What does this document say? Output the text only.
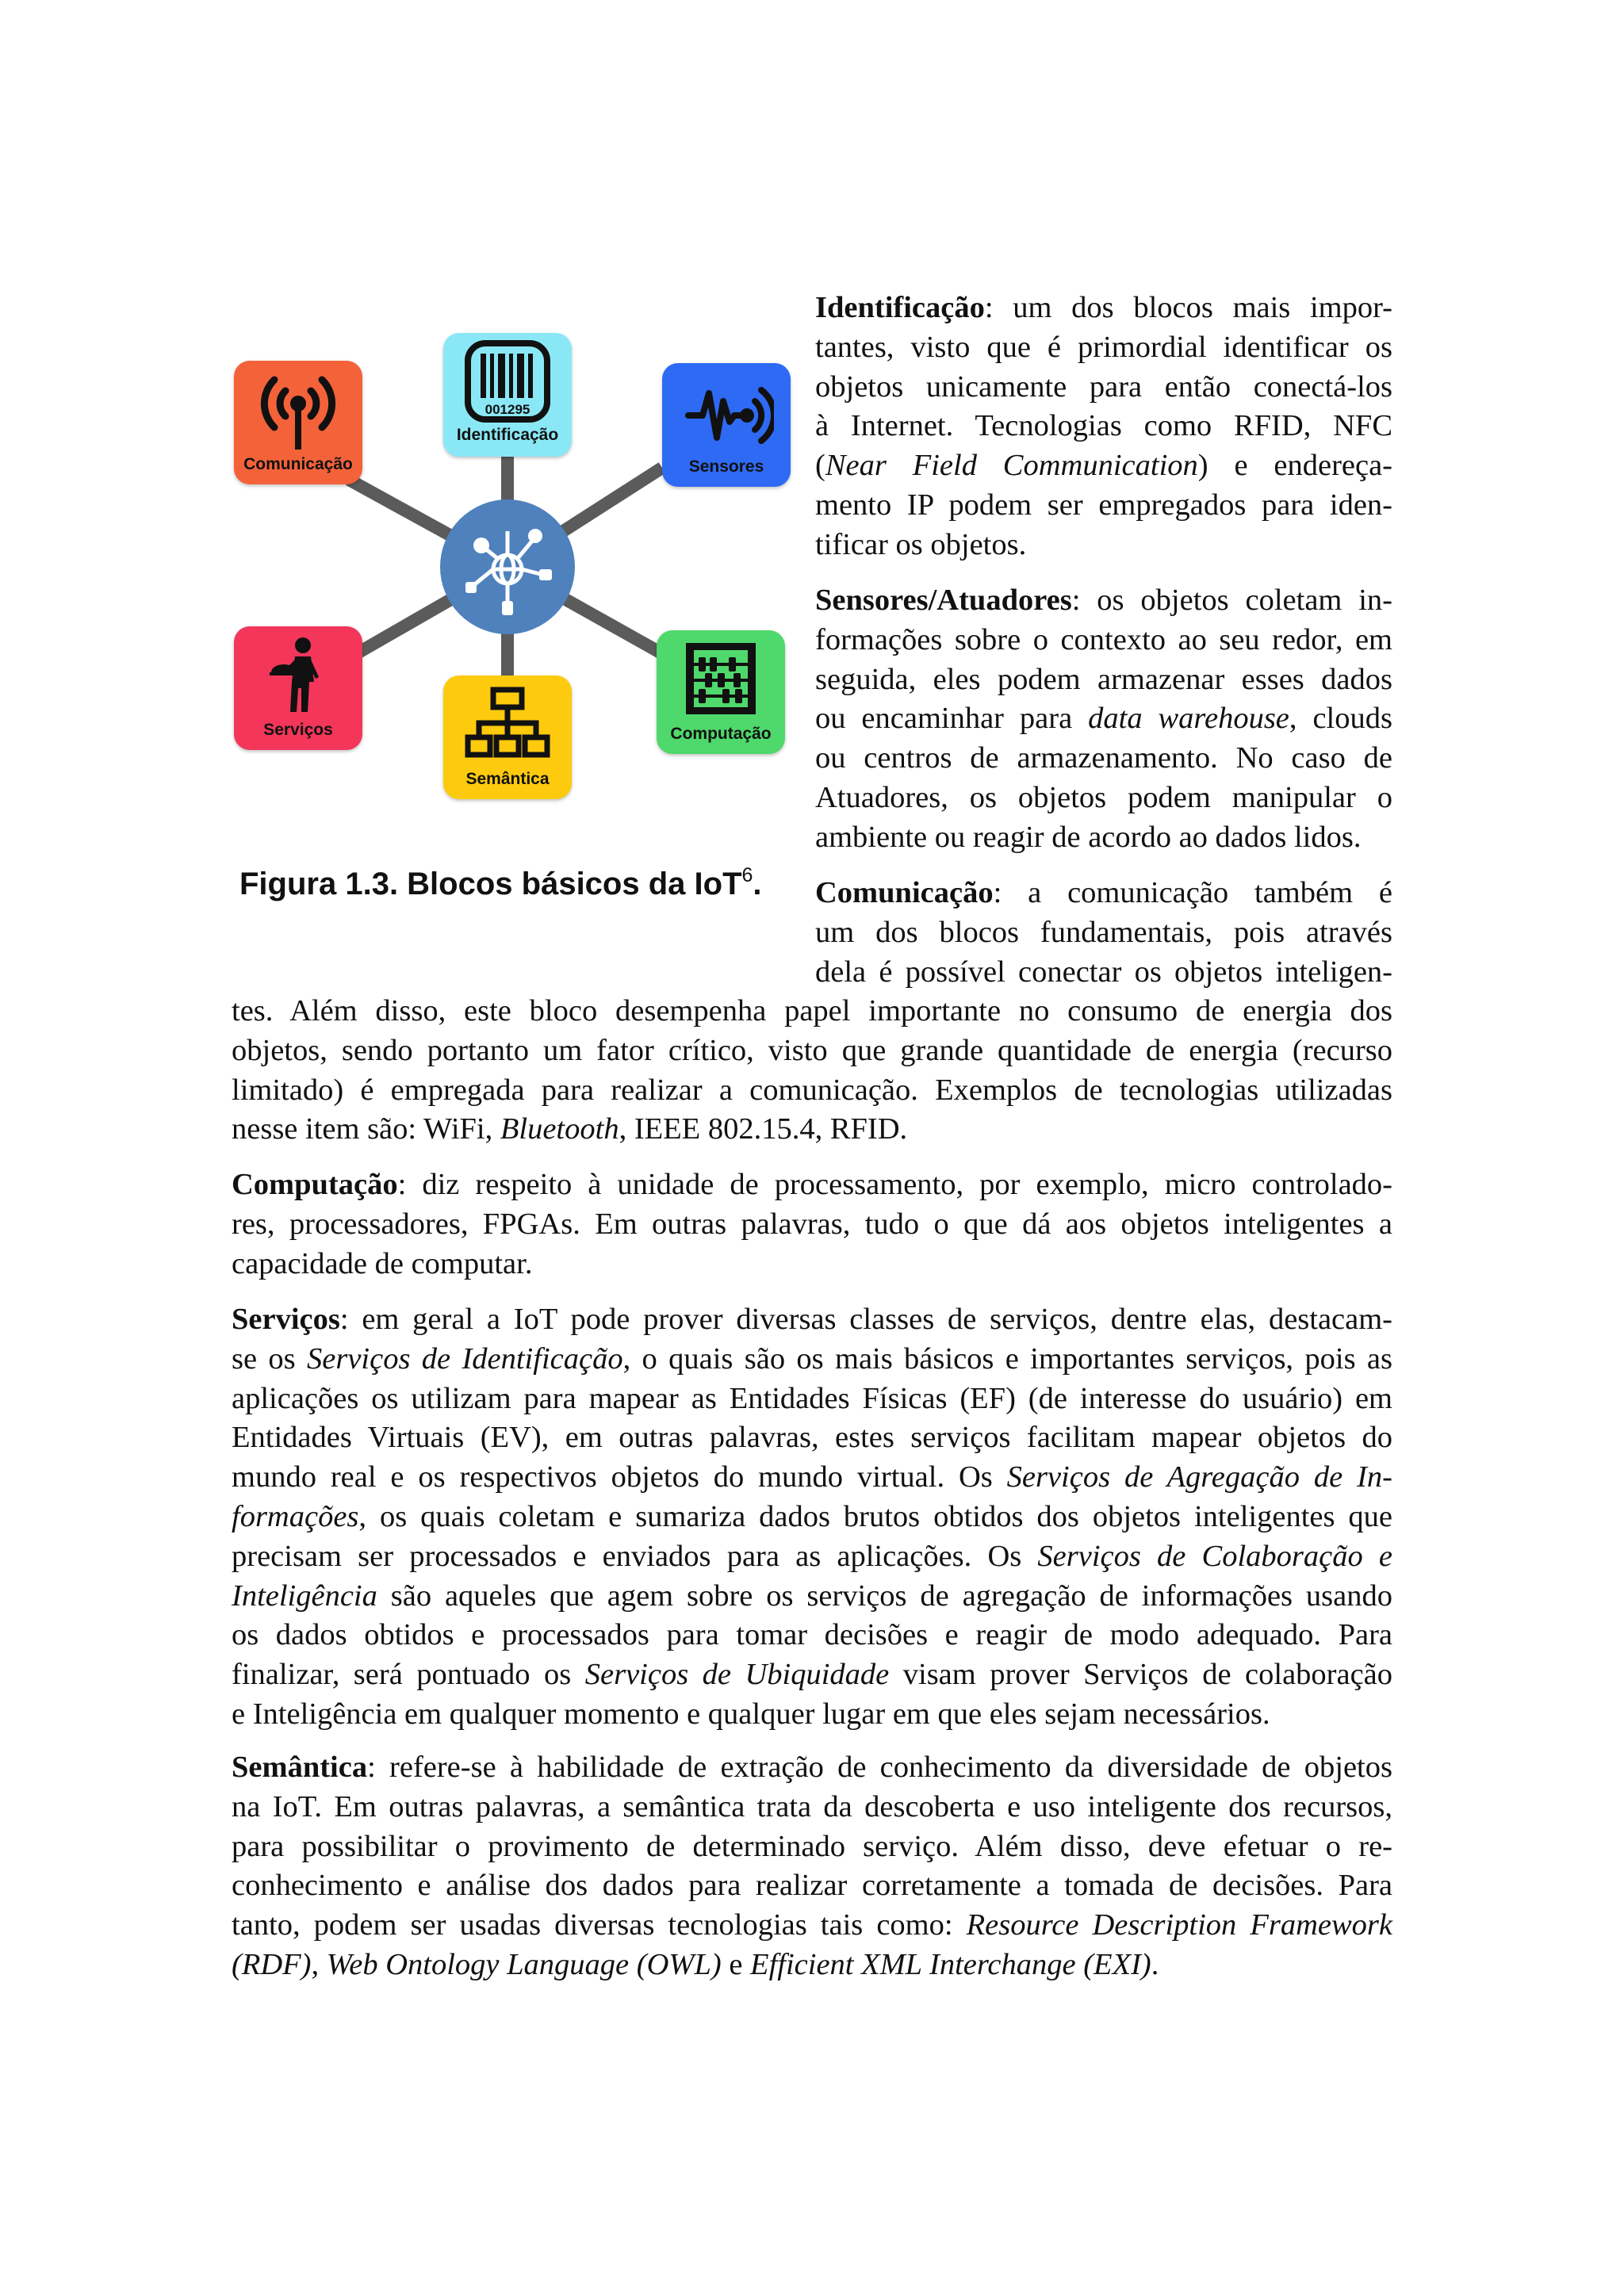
001295
Identificação
Comunicação	Sensores
Serviços
Semântica
Computação
Figura 1.3. Blocos básicos da IoT$^6$.
Identificação: um dos blocos mais impor-
tantes, visto que é primordial identificar os
objetos unicamente para então conectá-los
à Internet. Tecnologias como RFID, NFC
(Near Field Communication) e endereça-
mento IP podem ser empregados para iden-
tificar os objetos.
Sensores/Atuadores: os objetos coletam in-
formações sobre o contexto ao seu redor, em
seguida, eles podem armazenar esses dados
ou encaminhar para data warehouse, clouds
ou centros de armazenamento. No caso de
Atuadores, os objetos podem manipular o
ambiente ou reagir de acordo ao dados lidos.
Comunicação: a comunicação também é
um dos blocos fundamentais, pois através
dela é possível conectar os objetos inteligen-
tes. Além disso, este bloco desempenha papel importante no consumo de energia dos
objetos, sendo portanto um fator crítico, visto que grande quantidade de energia (recurso
limitado) é empregada para realizar a comunicação. Exemplos de tecnologias utilizadas
nesse item são: WiFi, Bluetooth, IEEE 802.15.4, RFID.
Computação: diz respeito à unidade de processamento, por exemplo, micro controlado-
res, processadores, FPGAs. Em outras palavras, tudo o que dá aos objetos inteligentes a
capacidade de computar.
Serviços: em geral a IoT pode prover diversas classes de serviços, dentre elas, destacam-
se os Serviços de Identificação, o quais são os mais básicos e importantes serviços, pois as
aplicações os utilizam para mapear as Entidades Físicas (EF) (de interesse do usuário) em
Entidades Virtuais (EV), em outras palavras, estes serviços facilitam mapear objetos do
mundo real e os respectivos objetos do mundo virtual. Os Serviços de Agregação de In-
formações, os quais coletam e sumariza dados brutos obtidos dos objetos inteligentes que
precisam ser processados e enviados para as aplicações. Os Serviços de Colaboração e
Inteligência são aqueles que agem sobre os serviços de agregação de informações usando
os dados obtidos e processados para tomar decisões e reagir de modo adequado. Para
finalizar, será pontuado os Serviços de Ubiquidade visam prover Serviços de colaboração
e Inteligência em qualquer momento e qualquer lugar em que eles sejam necessários.
Semântica: refere-se à habilidade de extração de conhecimento da diversidade de objetos
na IoT. Em outras palavras, a semântica trata da descoberta e uso inteligente dos recursos,
para possibilitar o provimento de determinado serviço. Além disso, deve efetuar o re-
conhecimento e análise dos dados para realizar corretamente a tomada de decisões. Para
tanto, podem ser usadas diversas tecnologias tais como: Resource Description Framework
(RDF), Web Ontology Language (OWL) e Efficient XML Interchange (EXI).
